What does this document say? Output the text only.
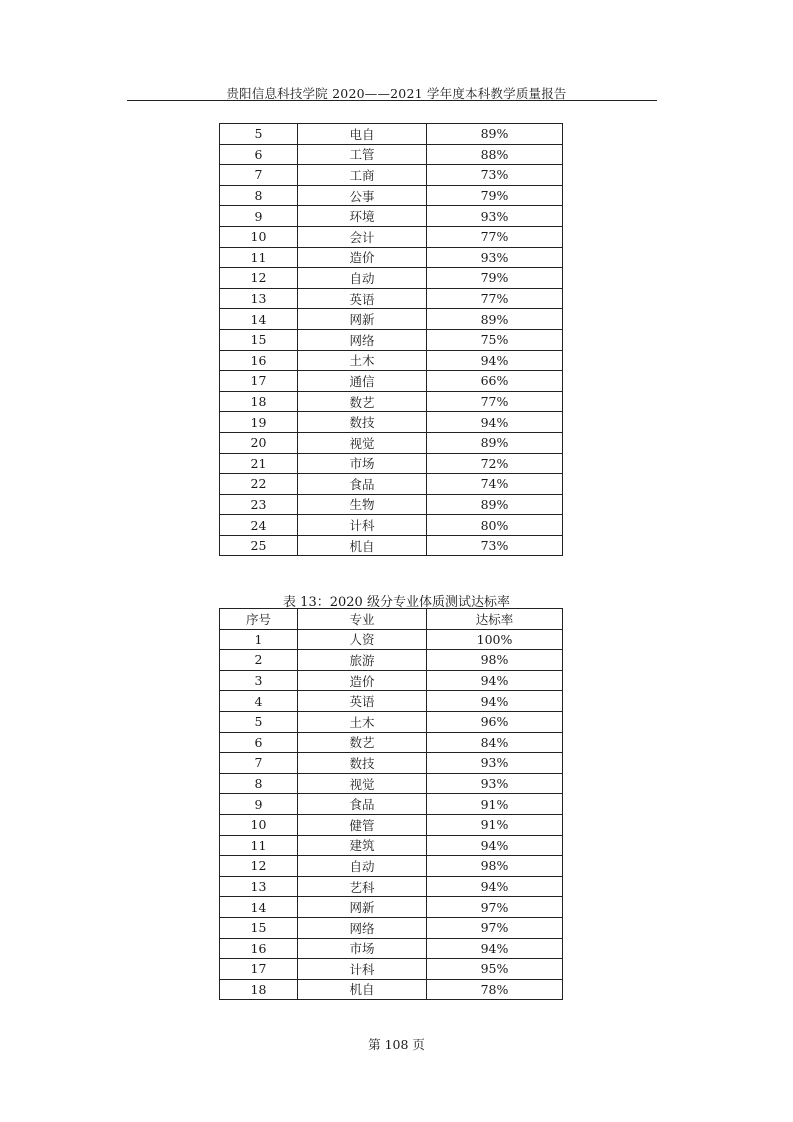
贵阳信息科技学院 2020——2021 学年度本科教学质量报告
5	电自	89%
6	工管	88%
7	工商	73%
8	公事	79%
9	环境	93%
10	会计	77%
11	造价	93%
12	自动	79%
13	英语	77%
14	网新	89%
15	网络	75%
16	土木	94%
17	通信	66%
18	数艺	77%
19	数技	94%
20	视觉	89%
21	市场	72%
22	食品	74%
23	生物	89%
24	计科	80%
25	机自	73%
表 13：2020 级分专业体质测试达标率
序号	专业	达标率
1	人资	100%
2	旅游	98%
3	造价	94%
4	英语	94%
5	土木	96%
6	数艺	84%
7	数技	93%
8	视觉	93%
9	食品	91%
10	健管	91%
11	建筑	94%
12	自动	98%
13	艺科	94%
14	网新	97%
15	网络	97%
16	市场	94%
17	计科	95%
18	机自	78%
第 108 页
